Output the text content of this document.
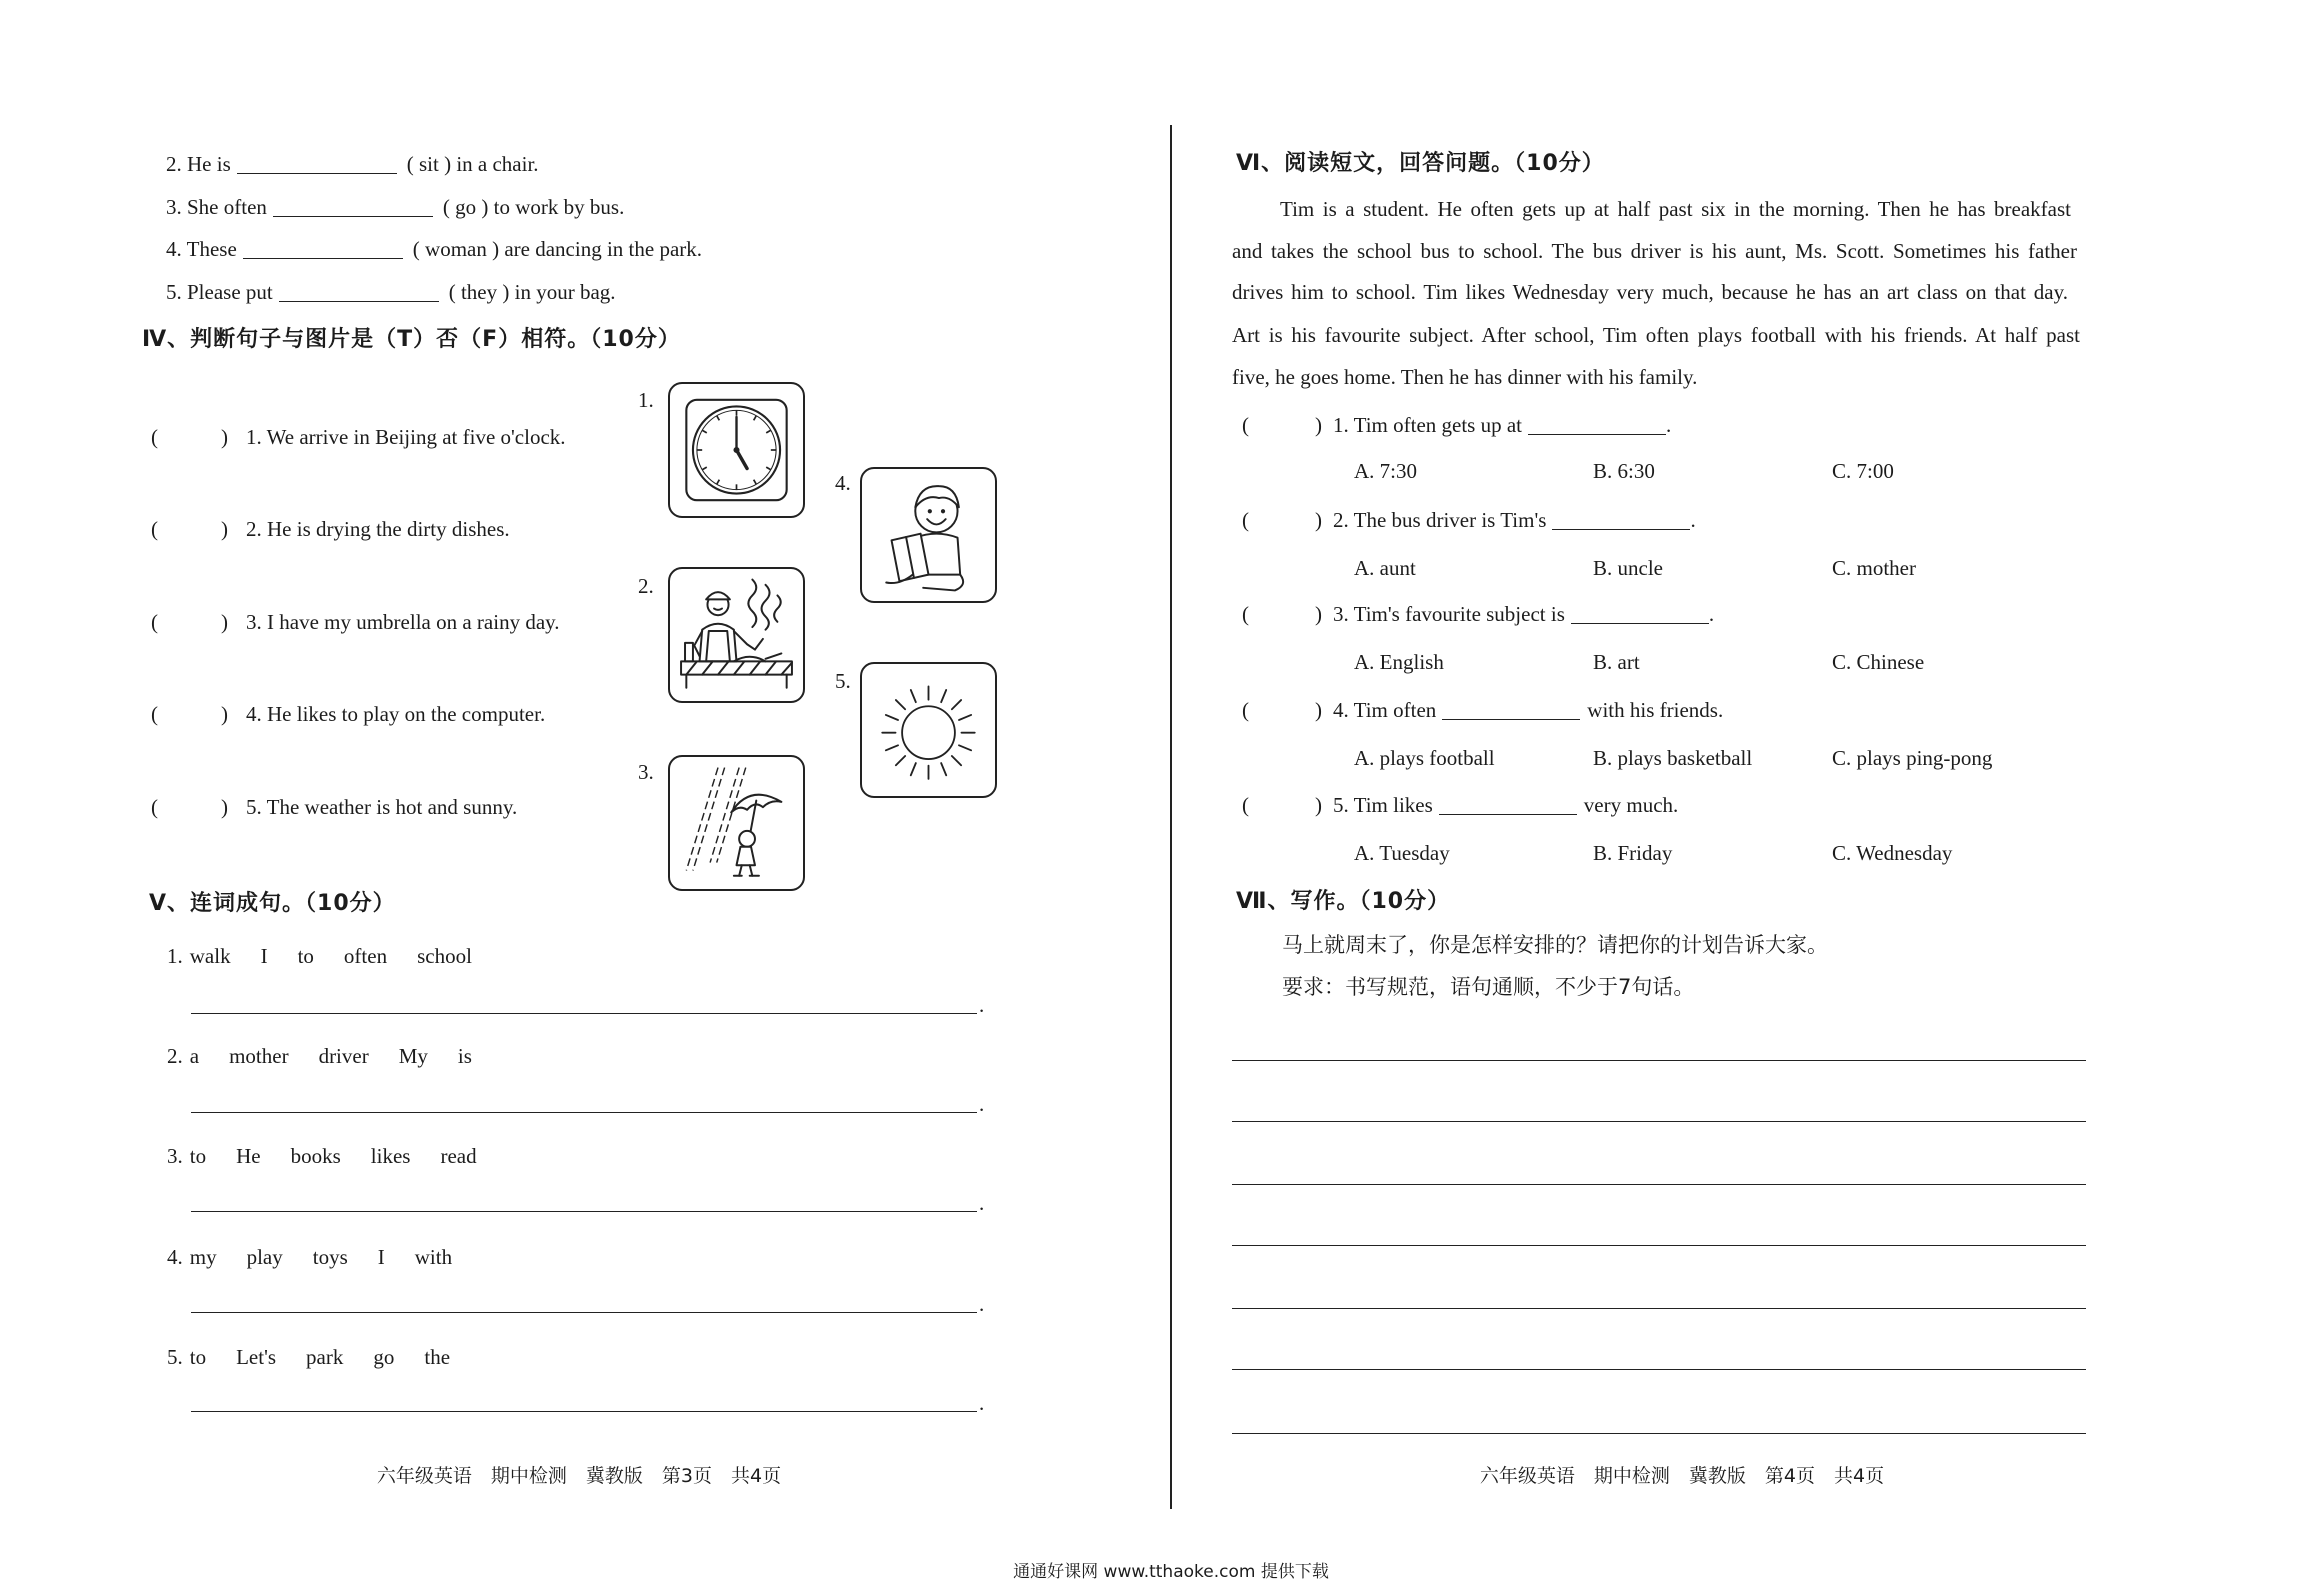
2. He is	( sit ) in a chair.
3. She often	( go ) to work by bus.
4. These	( woman ) are dancing in the park.
5. Please put	( they ) in your bag.
Ⅳ、判断句子与图片是（T）否（F）相符。（10分）
(	) 1. We arrive in Beijing at five o'clock.
(	) 2. He is drying the dirty dishes.
(	) 3. I have my umbrella on a rainy day.
(	) 4. He likes to play on the computer.
(	) 5. The weather is hot and sunny.
1.
2.
3.
4.
5.
Ⅴ、连词成句。（10分）
1. walk I to often school
.
2. a mother driver My is
.
3. to He books likes read
.
4. my play toys I with
.
5. to Let's park go the
.
六年级英语　期中检测　冀教版　第3页　共4页
Ⅵ、阅读短文，回答问题。（10分）
Tim is a student. He often gets up at half past six in the morning. Then he has breakfast
and takes the school bus to school. The bus driver is his aunt, Ms. Scott. Sometimes his father
drives him to school. Tim likes Wednesday very much, because he has an art class on that day.
Art is his favourite subject. After school, Tim often plays football with his friends. At half past
five, he goes home. Then he has dinner with his family.
(	) 1. Tim often gets up at	.
A. 7:30	B. 6:30	C. 7:00
(	) 2. The bus driver is Tim's	.
A. aunt	B. uncle	C. mother
(	) 3. Tim's favourite subject is	.
A. English	B. art	C. Chinese
(	) 4. Tim often	with his friends.
A. plays football	B. plays basketball	C. plays ping-pong
(	) 5. Tim likes	very much.
A. Tuesday	B. Friday	C. Wednesday
Ⅶ、写作。（10分）
马上就周末了，你是怎样安排的？请把你的计划告诉大家。
要求：书写规范，语句通顺，不少于7句话。
六年级英语　期中检测　冀教版　第4页　共4页
通通好课网 www.tthaoke.com 提供下载
